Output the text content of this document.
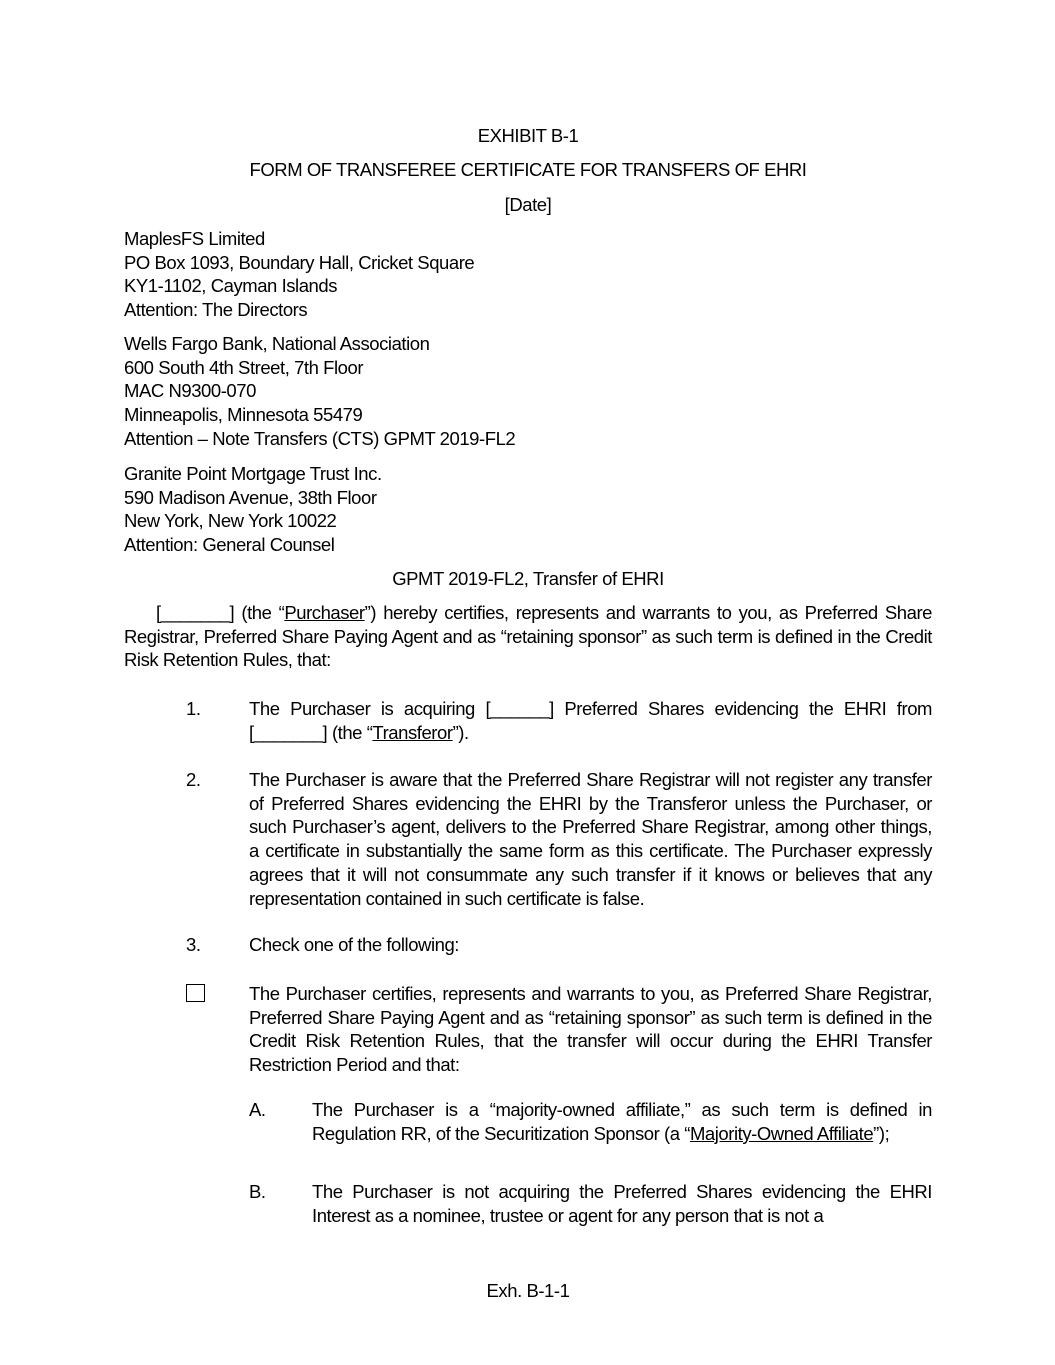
EXHIBIT B-1
FORM OF TRANSFEREE CERTIFICATE FOR TRANSFERS OF EHRI
[Date]
MaplesFS Limited
PO Box 1093, Boundary Hall, Cricket Square
KY1-1102, Cayman Islands
Attention: The Directors
Wells Fargo Bank, National Association
600 South 4th Street, 7th Floor
MAC N9300-070
Minneapolis, Minnesota 55479
Attention – Note Transfers (CTS) GPMT 2019-FL2
Granite Point Mortgage Trust Inc.
590 Madison Avenue, 38th Floor
New York, New York 10022
Attention: General Counsel
GPMT 2019-FL2, Transfer of EHRI
[_______] (the “Purchaser”) hereby certifies, represents and warrants to you, as Preferred Share Registrar, Preferred Share Paying Agent and as “retaining sponsor” as such term is defined in the Credit Risk Retention Rules, that:
1.	The Purchaser is acquiring [______] Preferred Shares evidencing the EHRI from [_______] (the “Transferor”).
2.	The Purchaser is aware that the Preferred Share Registrar will not register any transfer of Preferred Shares evidencing the EHRI by the Transferor unless the Purchaser, or such Purchaser’s agent, delivers to the Preferred Share Registrar, among other things, a certificate in substantially the same form as this certificate. The Purchaser expressly agrees that it will not consummate any such transfer if it knows or believes that any representation contained in such certificate is false.
3.	Check one of the following:
The Purchaser certifies, represents and warrants to you, as Preferred Share Registrar, Preferred Share Paying Agent and as “retaining sponsor” as such term is defined in the Credit Risk Retention Rules, that the transfer will occur during the EHRI Transfer Restriction Period and that:
A.	The Purchaser is a “majority-owned affiliate,” as such term is defined in Regulation RR, of the Securitization Sponsor (a “Majority-Owned Affiliate”);
B.	The Purchaser is not acquiring the Preferred Shares evidencing the EHRI Interest as a nominee, trustee or agent for any person that is not a
Exh. B-1-1
